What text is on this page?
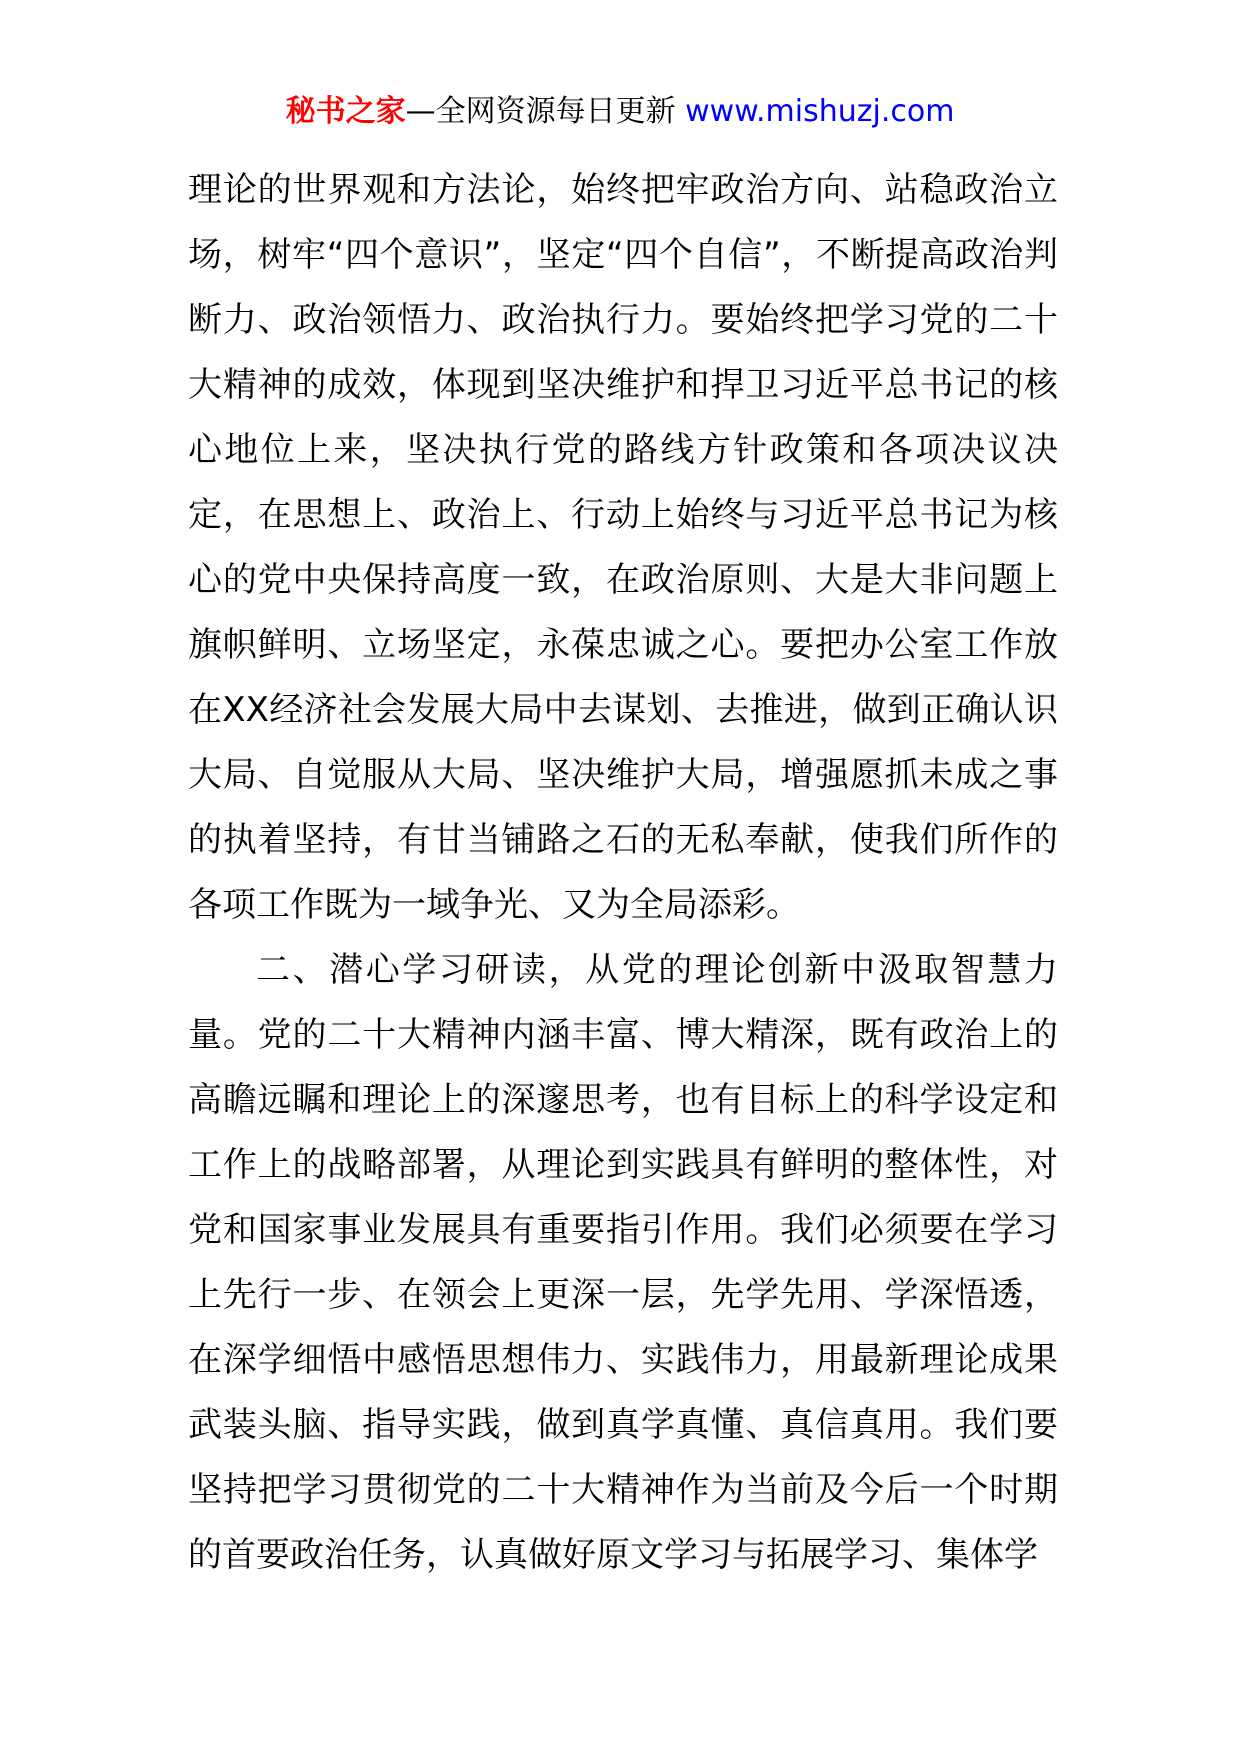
秘书之家—全网资源每日更新 www.mishuzj.com

理论的世界观和方法论，始终把牢政治方向、站稳政治立场，树牢“四个意识”，坚定“四个自信”，不断提高政治判断力、政治领悟力、政治执行力。要始终把学习党的二十大精神的成效，体现到坚决维护和捍卫习近平总书记的核心地位上来，坚决执行党的路线方针政策和各项决议决定，在思想上、政治上、行动上始终与习近平总书记为核心的党中央保持高度一致，在政治原则、大是大非问题上旗帜鲜明、立场坚定，永葆忠诚之心。要把办公室工作放在XX经济社会发展大局中去谋划、去推进，做到正确认识大局、自觉服从大局、坚决维护大局，增强愿抓未成之事的执着坚持，有甘当铺路之石的无私奉献，使我们所作的各项工作既为一域争光、又为全局添彩。

二、潜心学习研读，从党的理论创新中汲取智慧力量。党的二十大精神内涵丰富、博大精深，既有政治上的高瞻远瞩和理论上的深邃思考，也有目标上的科学设定和工作上的战略部署，从理论到实践具有鲜明的整体性，对党和国家事业发展具有重要指引作用。我们必须要在学习上先行一步、在领会上更深一层，先学先用、学深悟透，在深学细悟中感悟思想伟力、实践伟力，用最新理论成果武装头脑、指导实践，做到真学真懂、真信真用。我们要坚持把学习贯彻党的二十大精神作为当前及今后一个时期的首要政治任务，认真做好原文学习与拓展学习、集体学
